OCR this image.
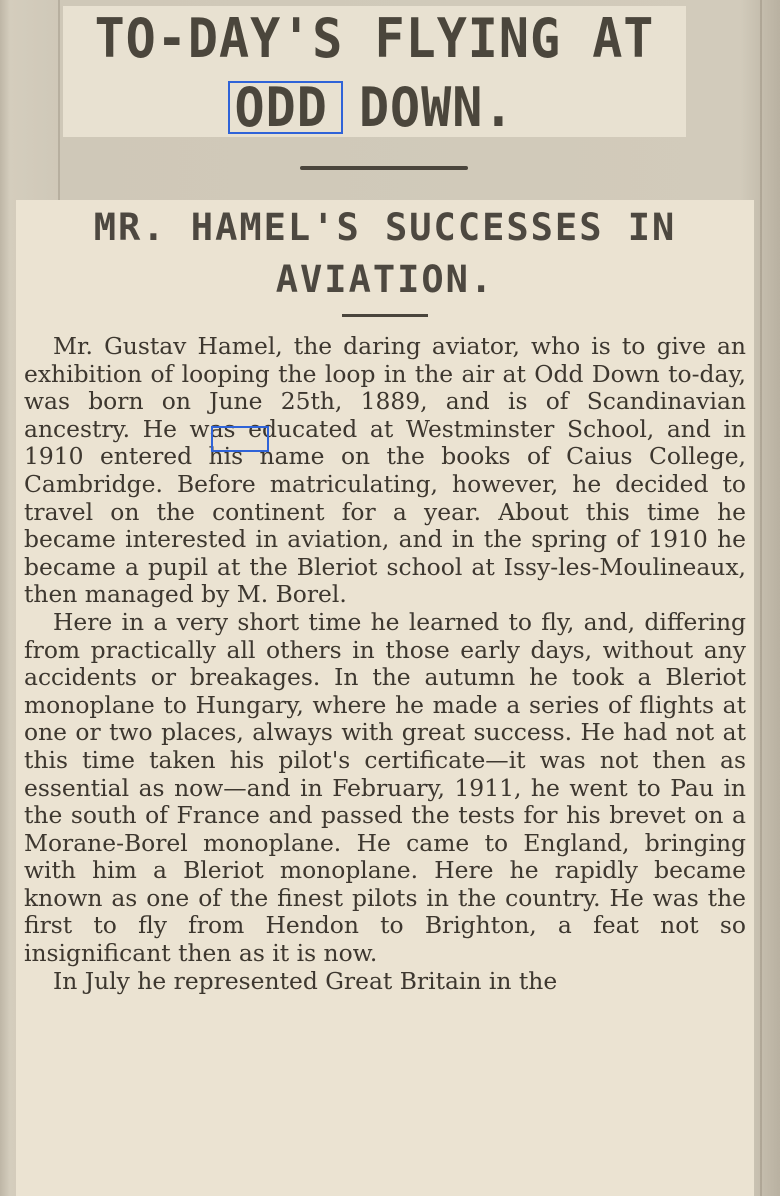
TO-DAY'S FLYING AT
ODD DOWN.
MR. HAMEL'S SUCCESSES IN
AVIATION.

Mr. Gustav Hamel, the daring aviator, who is to give an exhibition of looping the loop in the air at Odd Down to-day, was born on June 25th, 1889, and is of Scandinavian ancestry. He was educated at Westminster School, and in 1910 entered his name on the books of Caius College, Cambridge. Before matriculating, however, he decided to travel on the continent for a year. About this time he became interested in aviation, and in the spring of 1910 he became a pupil at the Bleriot school at Issy-les-Moulineaux, then managed by M. Borel.

Here in a very short time he learned to fly, and, differing from practically all others in those early days, without any accidents or breakages. In the autumn he took a Bleriot monoplane to Hungary, where he made a series of flights at one or two places, always with great success. He had not at this time taken his pilot's certificate—it was not then as essential as now—and in February, 1911, he went to Pau in the south of France and passed the tests for his brevet on a Morane-Borel monoplane. He came to England, bringing with him a Bleriot monoplane. Here he rapidly became known as one of the finest pilots in the country. He was the first to fly from Hendon to Brighton, a feat not so insignificant then as it is now.

In July he represented Great Britain in the
